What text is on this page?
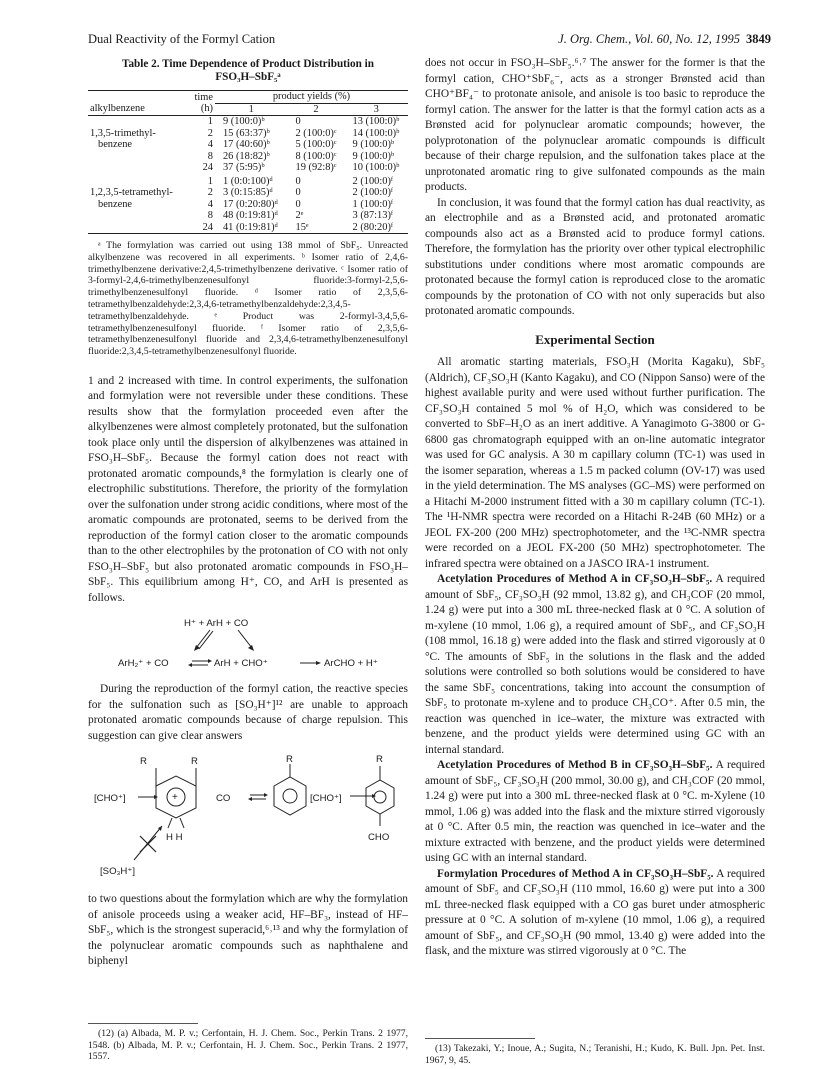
Dual Reactivity of the Formyl Cation	J. Org. Chem., Vol. 60, No. 12, 1995 3849
Table 2. Time Dependence of Product Distribution in
FSO₃H–SbF₅ᵃ
alkylbenzene	time	product yields (%)		
	(h)	1	2	3
	1	9 (100:0)ᵇ	0	13 (100:0)ᵇ
1,3,5-trimethyl-	2	15 (63:37)ᵇ	2 (100:0)ᶜ	14 (100:0)ᵇ
benzene	4	17 (40:60)ᵇ	5 (100:0)ᶜ	9 (100:0)ᵇ
	8	26 (18:82)ᵇ	8 (100:0)ᶜ	9 (100:0)ᵇ
	24	37 (5:95)ᵇ	19 (92:8)ᶜ	10 (100:0)ᵇ
	1	1 (0:0:100)ᵈ	0	2 (100:0)ᶠ
1,2,3,5-tetramethyl-	2	3 (0:15:85)ᵈ	0	2 (100:0)ᶠ
benzene	4	17 (0:20:80)ᵈ	0	1 (100:0)ᶠ
	8	48 (0:19:81)ᵈ	2ᵉ	3 (87:13)ᶠ
	24	41 (0:19:81)ᵈ	15ᵉ	2 (80:20)ᶠ

ᵃ The formylation was carried out using 138 mmol of SbF₅. Unreacted alkylbenzene was recovered in all experiments. ᵇ Isomer ratio of 2,4,6-trimethylbenzene derivative:2,4,5-trimethylbenzene derivative. ᶜ Isomer ratio of 3-formyl-2,4,6-trimethylbenzenesulfonyl fluoride:3-formyl-2,5,6-trimethylbenzenesulfonyl fluoride. ᵈ Isomer ratio of 2,3,5,6-tetramethylbenzaldehyde:2,3,4,6-tetramethylbenzaldehyde:2,3,4,5-tetramethylbenzaldehyde. ᵉ Product was 2-formyl-3,4,5,6-tetramethylbenzenesulfonyl fluoride. ᶠ Isomer ratio of 2,3,5,6-tetramethylbenzenesulfonyl fluoride and 2,3,4,6-tetramethylbenzenesulfonyl fluoride:2,3,4,5-tetramethylbenzenesulfonyl fluoride.

1 and 2 increased with time. In control experiments, the sulfonation and formylation were not reversible under these conditions. These results show that the formylation proceeded even after the alkylbenzenes were almost completely protonated, but the sulfonation took place only until the dispersion of alkylbenzenes was attained in FSO₃H–SbF₅. Because the formyl cation does not react with protonated aromatic compounds,⁸ the formylation is clearly one of electrophilic substitutions. Therefore, the priority of the formylation over the sulfonation under strong acidic conditions, where most of the aromatic compounds are protonated, seems to be derived from the reproduction of the formyl cation closer to the aromatic compounds than to the other electrophiles by the protonation of CO with not only FSO₃H–SbF₅ but also protonated aromatic compounds in FSO₃H–SbF₅. This equilibrium among H⁺, CO, and ArH is presented as follows.

H⁺ + ArH + CO
ArH₂⁺ + CO	ArH + CHO⁺	ArCHO + H⁺

During the reproduction of the formyl cation, the reactive species for the sulfonation such as [SO₃H⁺]¹² are unable to approach protonated aromatic compounds because of charge repulsion. This suggestion can give clear answers

R	R
[CHO⁺]	+	CO
H H
R
[CHO⁺]
R
CHO
[SO₃H⁺]

to two questions about the formylation which are why the formylation of anisole proceeds using a weaker acid, HF–BF₃, instead of HF–SbF₅, which is the strongest superacid,⁶˒¹³ and why the formylation of the polynuclear aromatic compounds such as naphthalene and biphenyl

(12) (a) Albada, M. P. v.; Cerfontain, H. J. Chem. Soc., Perkin Trans. 2 1977, 1548. (b) Albada, M. P. v.; Cerfontain, H. J. Chem. Soc., Perkin Trans. 2 1977, 1557.

does not occur in FSO₃H–SbF₅.⁶˒⁷ The answer for the former is that the formyl cation, CHO⁺SbF₆⁻, acts as a stronger Brønsted acid than CHO⁺BF₄⁻ to protonate anisole, and anisole is too basic to reproduce the formyl cation. The answer for the latter is that the formyl cation acts as a Brønsted acid for polynuclear aromatic compounds; however, the polyprotonation of the polynuclear aromatic compounds is difficult because of their charge repulsion, and the sulfonation takes place at the unprotonated aromatic ring to give sulfonated compounds as the main products.

In conclusion, it was found that the formyl cation has dual reactivity, as an electrophile and as a Brønsted acid, and protonated aromatic compounds also act as a Brønsted acid to produce formyl cations. Therefore, the formylation has the priority over other typical electrophilic substitutions under conditions where most aromatic compounds are protonated because the formyl cation is reproduced close to the aromatic compounds by the protonation of CO with not only superacids but also protonated aromatic compounds.

Experimental Section

All aromatic starting materials, FSO₃H (Morita Kagaku), SbF₅ (Aldrich), CF₃SO₃H (Kanto Kagaku), and CO (Nippon Sanso) were of the highest available purity and were used without further purification. The CF₃SO₃H contained 5 mol % of H₂O, which was considered to be converted to SbF–H₂O as an inert additive. A Yanagimoto G-3800 or G-6800 gas chromatograph equipped with an on-line automatic integrator was used for GC analysis. A 30 m capillary column (TC-1) was used in the isomer separation, whereas a 1.5 m packed column (OV-17) was used in the yield determination. The MS analyses (GC–MS) were performed on a Hitachi M-2000 instrument fitted with a 30 m capillary column (TC-1). The ¹H-NMR spectra were recorded on a Hitachi R-24B (60 MHz) or a JEOL FX-200 (200 MHz) spectrophotometer, and the ¹³C-NMR spectra were recorded on a JEOL FX-200 (50 MHz) spectrophotometer. The infrared spectra were obtained on a JASCO IRA-1 instrument.

Acetylation Procedures of Method A in CF₃SO₃H–SbF₅. A required amount of SbF₅, CF₃SO₃H (92 mmol, 13.82 g), and CH₃COF (20 mmol, 1.24 g) were put into a 300 mL three-necked flask at 0 °C. A solution of m-xylene (10 mmol, 1.06 g), a required amount of SbF₅, and CF₃SO₃H (108 mmol, 16.18 g) were added into the flask and stirred vigorously at 0 °C. The amounts of SbF₅ in the solutions in the flask and the added solutions were controlled so both solutions would be considered to have the same SbF₅ concentrations, taking into account the consumption of SbF₅ to protonate m-xylene and to produce CH₃CO⁺. After 0.5 min, the reaction was quenched in ice–water, the mixture was extracted with benzene, and the product yields were determined using GC with an internal standard.

Acetylation Procedures of Method B in CF₃SO₃H–SbF₅. A required amount of SbF₅, CF₃SO₃H (200 mmol, 30.00 g), and CH₃COF (20 mmol, 1.24 g) were put into a 300 mL three-necked flask at 0 °C. m-Xylene (10 mmol, 1.06 g) was added into the flask and the mixture stirred vigorously at 0 °C. After 0.5 min, the reaction was quenched in ice–water and the mixture extracted with benzene, and the product yields were determined using GC with an internal standard.

Formylation Procedures of Method A in CF₃SO₃H–SbF₅. A required amount of SbF₅ and CF₃SO₃H (110 mmol, 16.60 g) were put into a 300 mL three-necked flask equipped with a CO gas buret under atmospheric pressure at 0 °C. A solution of m-xylene (10 mmol, 1.06 g), a required amount of SbF₅, and CF₃SO₃H (90 mmol, 13.40 g) were added into the flask, and the mixture was stirred vigorously at 0 °C. The

(13) Takezaki, Y.; Inoue, A.; Sugita, N.; Teranishi, H.; Kudo, K. Bull. Jpn. Pet. Inst. 1967, 9, 45.
